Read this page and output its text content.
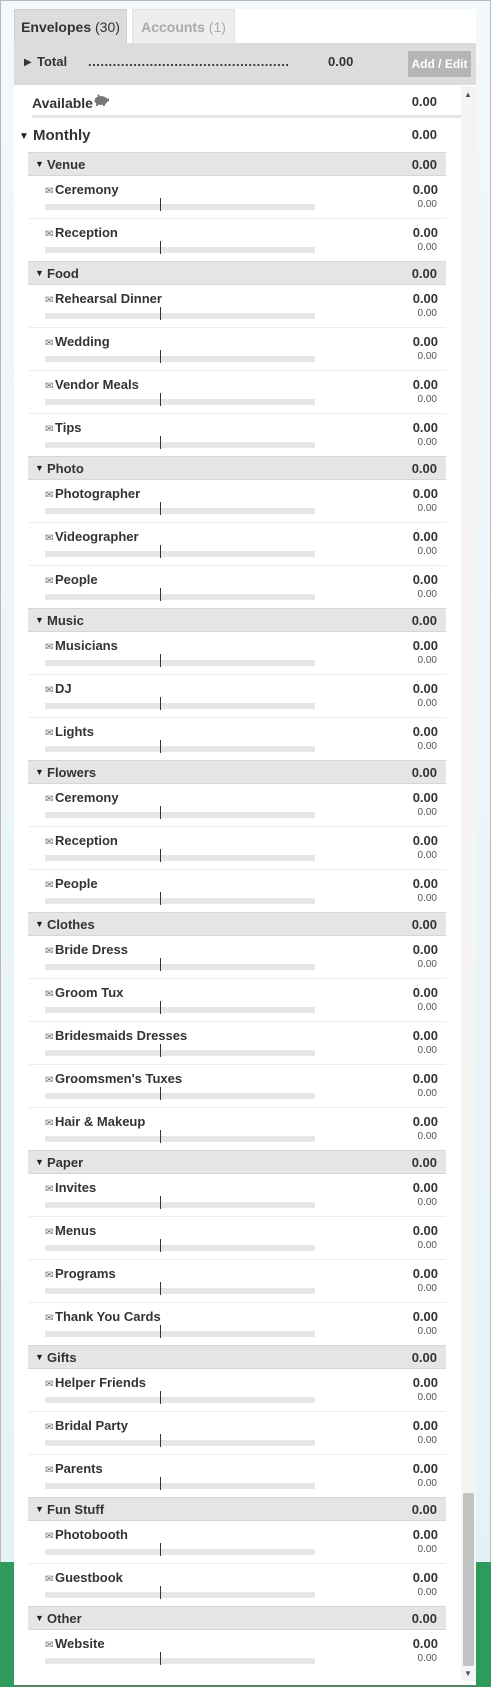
Envelopes (30)	Accounts (1)
▶ Total .................................................	0.00	Add / Edit
Available	0.00
▼ Monthly	0.00
▼ Venue	0.00
✉ Ceremony	0.00
0.00
✉ Reception	0.00
0.00
▼ Food	0.00
✉ Rehearsal Dinner	0.00
0.00
✉ Wedding	0.00
0.00
✉ Vendor Meals	0.00
0.00
✉ Tips	0.00
0.00
▼ Photo	0.00
✉ Photographer	0.00
0.00
✉ Videographer	0.00
0.00
✉ People	0.00
0.00
▼ Music	0.00
✉ Musicians	0.00
0.00
✉ DJ	0.00
0.00
✉ Lights	0.00
0.00
▼ Flowers	0.00
✉ Ceremony	0.00
0.00
✉ Reception	0.00
0.00
✉ People	0.00
0.00
▼ Clothes	0.00
✉ Bride Dress	0.00
0.00
✉ Groom Tux	0.00
0.00
✉ Bridesmaids Dresses	0.00
0.00
✉ Groomsmen's Tuxes	0.00
0.00
✉ Hair & Makeup	0.00
0.00
▼ Paper	0.00
✉ Invites	0.00
0.00
✉ Menus	0.00
0.00
✉ Programs	0.00
0.00
✉ Thank You Cards	0.00
0.00
▼ Gifts	0.00
✉ Helper Friends	0.00
0.00
✉ Bridal Party	0.00
0.00
✉ Parents	0.00
0.00
▼ Fun Stuff	0.00
✉ Photobooth	0.00
0.00
✉ Guestbook	0.00
0.00
▼ Other	0.00
✉ Website	0.00
0.00
▲
▼
